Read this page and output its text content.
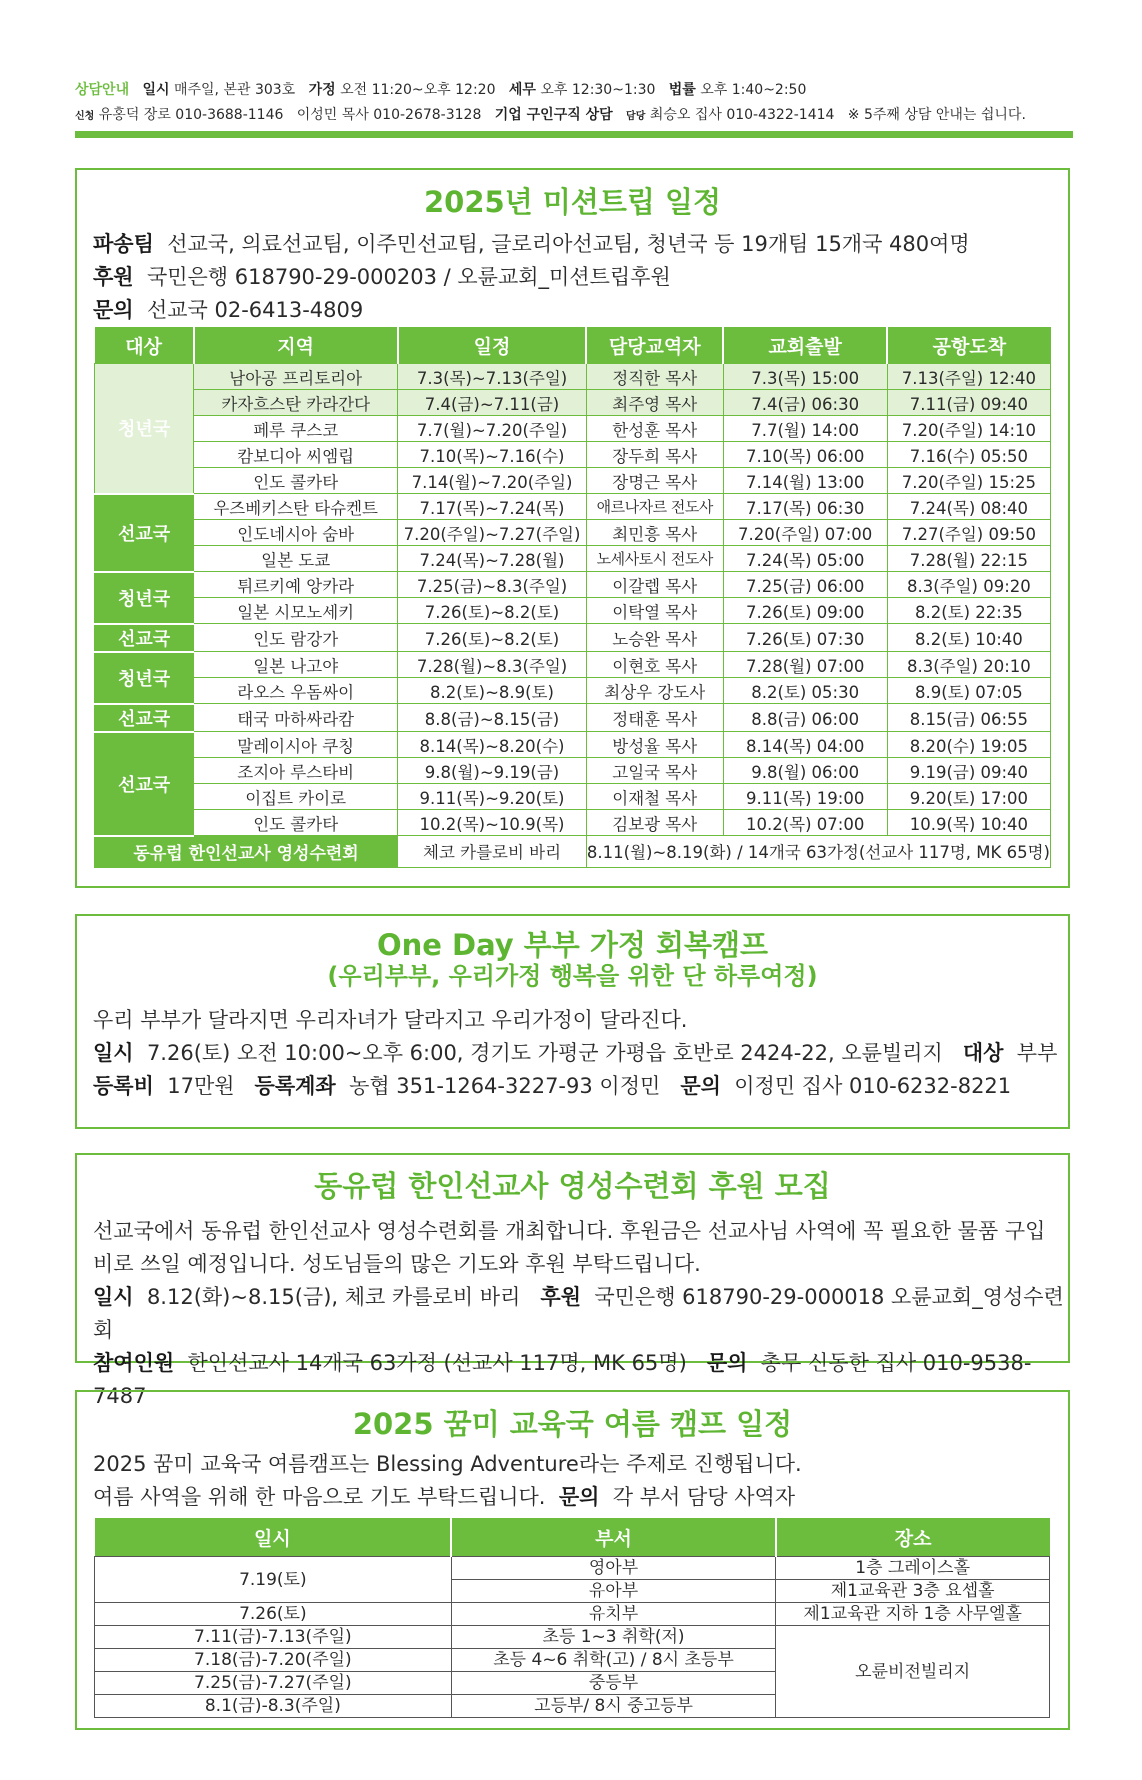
상담안내 일시 매주일, 본관 303호 가정 오전 11:20~오후 12:20 세무 오후 12:30~1:30 법률 오후 1:40~2:50
신청 유홍덕 장로 010-3688-1146 이성민 목사 010-2678-3128 기업 구인구직 상담 담당 최승오 집사 010-4322-1414 ※ 5주째 상담 안내는 쉽니다.
2025년 미션트립 일정

파송팀 선교국, 의료선교팀, 이주민선교팀, 글로리아선교팀, 청년국 등 19개팀 15개국 480여명

후원 국민은행 618790-29-000203 / 오륜교회_미션트립후원

문의 선교국 02-6413-4809

대상	지역	일정	담당교역자	교회출발	공항도착
청년국	남아공 프리토리아	7.3(목)~7.13(주일)	정직한 목사	7.3(목) 15:00	7.13(주일) 12:40
	카자흐스탄 카라간다	7.4(금)~7.11(금)	최주영 목사	7.4(금) 06:30	7.11(금) 09:40
	페루 쿠스코	7.7(월)~7.20(주일)	한성훈 목사	7.7(월) 14:00	7.20(주일) 14:10
	캄보디아 씨엠립	7.10(목)~7.16(수)	장두희 목사	7.10(목) 06:00	7.16(수) 05:50
	인도 콜카타	7.14(월)~7.20(주일)	장명근 목사	7.14(월) 13:00	7.20(주일) 15:25
선교국	우즈베키스탄 타슈켄트	7.17(목)~7.24(목)	애르나자르 전도사	7.17(목) 06:30	7.24(목) 08:40
	인도네시아 숨바	7.20(주일)~7.27(주일)	최민흥 목사	7.20(주일) 07:00	7.27(주일) 09:50
	일본 도쿄	7.24(목)~7.28(월)	노세사토시 전도사	7.24(목) 05:00	7.28(월) 22:15
청년국	튀르키예 앙카라	7.25(금)~8.3(주일)	이갈렙 목사	7.25(금) 06:00	8.3(주일) 09:20
	일본 시모노세키	7.26(토)~8.2(토)	이탁열 목사	7.26(토) 09:00	8.2(토) 22:35
선교국	인도 람강가	7.26(토)~8.2(토)	노승완 목사	7.26(토) 07:30	8.2(토) 10:40
청년국	일본 나고야	7.28(월)~8.3(주일)	이현호 목사	7.28(월) 07:00	8.3(주일) 20:10
	라오스 우돔싸이	8.2(토)~8.9(토)	최상우 강도사	8.2(토) 05:30	8.9(토) 07:05
선교국	태국 마하싸라캄	8.8(금)~8.15(금)	정태훈 목사	8.8(금) 06:00	8.15(금) 06:55
선교국	말레이시아 쿠칭	8.14(목)~8.20(수)	방성율 목사	8.14(목) 04:00	8.20(수) 19:05
	조지아 루스타비	9.8(월)~9.19(금)	고일국 목사	9.8(월) 06:00	9.19(금) 09:40
	이집트 카이로	9.11(목)~9.20(토)	이재철 목사	9.11(목) 19:00	9.20(토) 17:00
	인도 콜카타	10.2(목)~10.9(목)	김보광 목사	10.2(목) 07:00	10.9(목) 10:40
동유럽 한인선교사 영성수련회		체코 카를로비 바리	8.11(월)~8.19(화) / 14개국 63가정(선교사 117명, MK 65명)		
One Day 부부 가정 회복캠프
(우리부부, 우리가정 행복을 위한 단 하루여정)

우리 부부가 달라지면 우리자녀가 달라지고 우리가정이 달라진다.

일시 7.26(토) 오전 10:00~오후 6:00, 경기도 가평군 가평읍 호반로 2424-22, 오륜빌리지 대상 부부

등록비 17만원 등록계좌 농협 351-1264-3227-93 이정민 문의 이정민 집사 010-6232-8221

동유럽 한인선교사 영성수련회 후원 모집

선교국에서 동유럽 한인선교사 영성수련회를 개최합니다. 후원금은 선교사님 사역에 꼭 필요한 물품 구입

비로 쓰일 예정입니다. 성도님들의 많은 기도와 후원 부탁드립니다.

일시 8.12(화)~8.15(금), 체코 카를로비 바리 후원 국민은행 618790-29-000018 오륜교회_영성수련회

참여인원 한인선교사 14개국 63가정 (선교사 117명, MK 65명) 문의 총무 신동한 집사 010-9538-7487

2025 꿈미 교육국 여름 캠프 일정

2025 꿈미 교육국 여름캠프는 Blessing Adventure라는 주제로 진행됩니다.

여름 사역을 위해 한 마음으로 기도 부탁드립니다. 문의 각 부서 담당 사역자

일시	부서	장소
7.19(토)	영아부	1층 그레이스홀
	유아부	제1교육관 3층 요셉홀
7.26(토)	유치부	제1교육관 지하 1층 사무엘홀
7.11(금)-7.13(주일)	초등 1~3 취학(저)	오륜비전빌리지
7.18(금)-7.20(주일)	초등 4~6 취학(고) / 8시 초등부	
7.25(금)-7.27(주일)	중등부	
8.1(금)-8.3(주일)	고등부/ 8시 중고등부	
